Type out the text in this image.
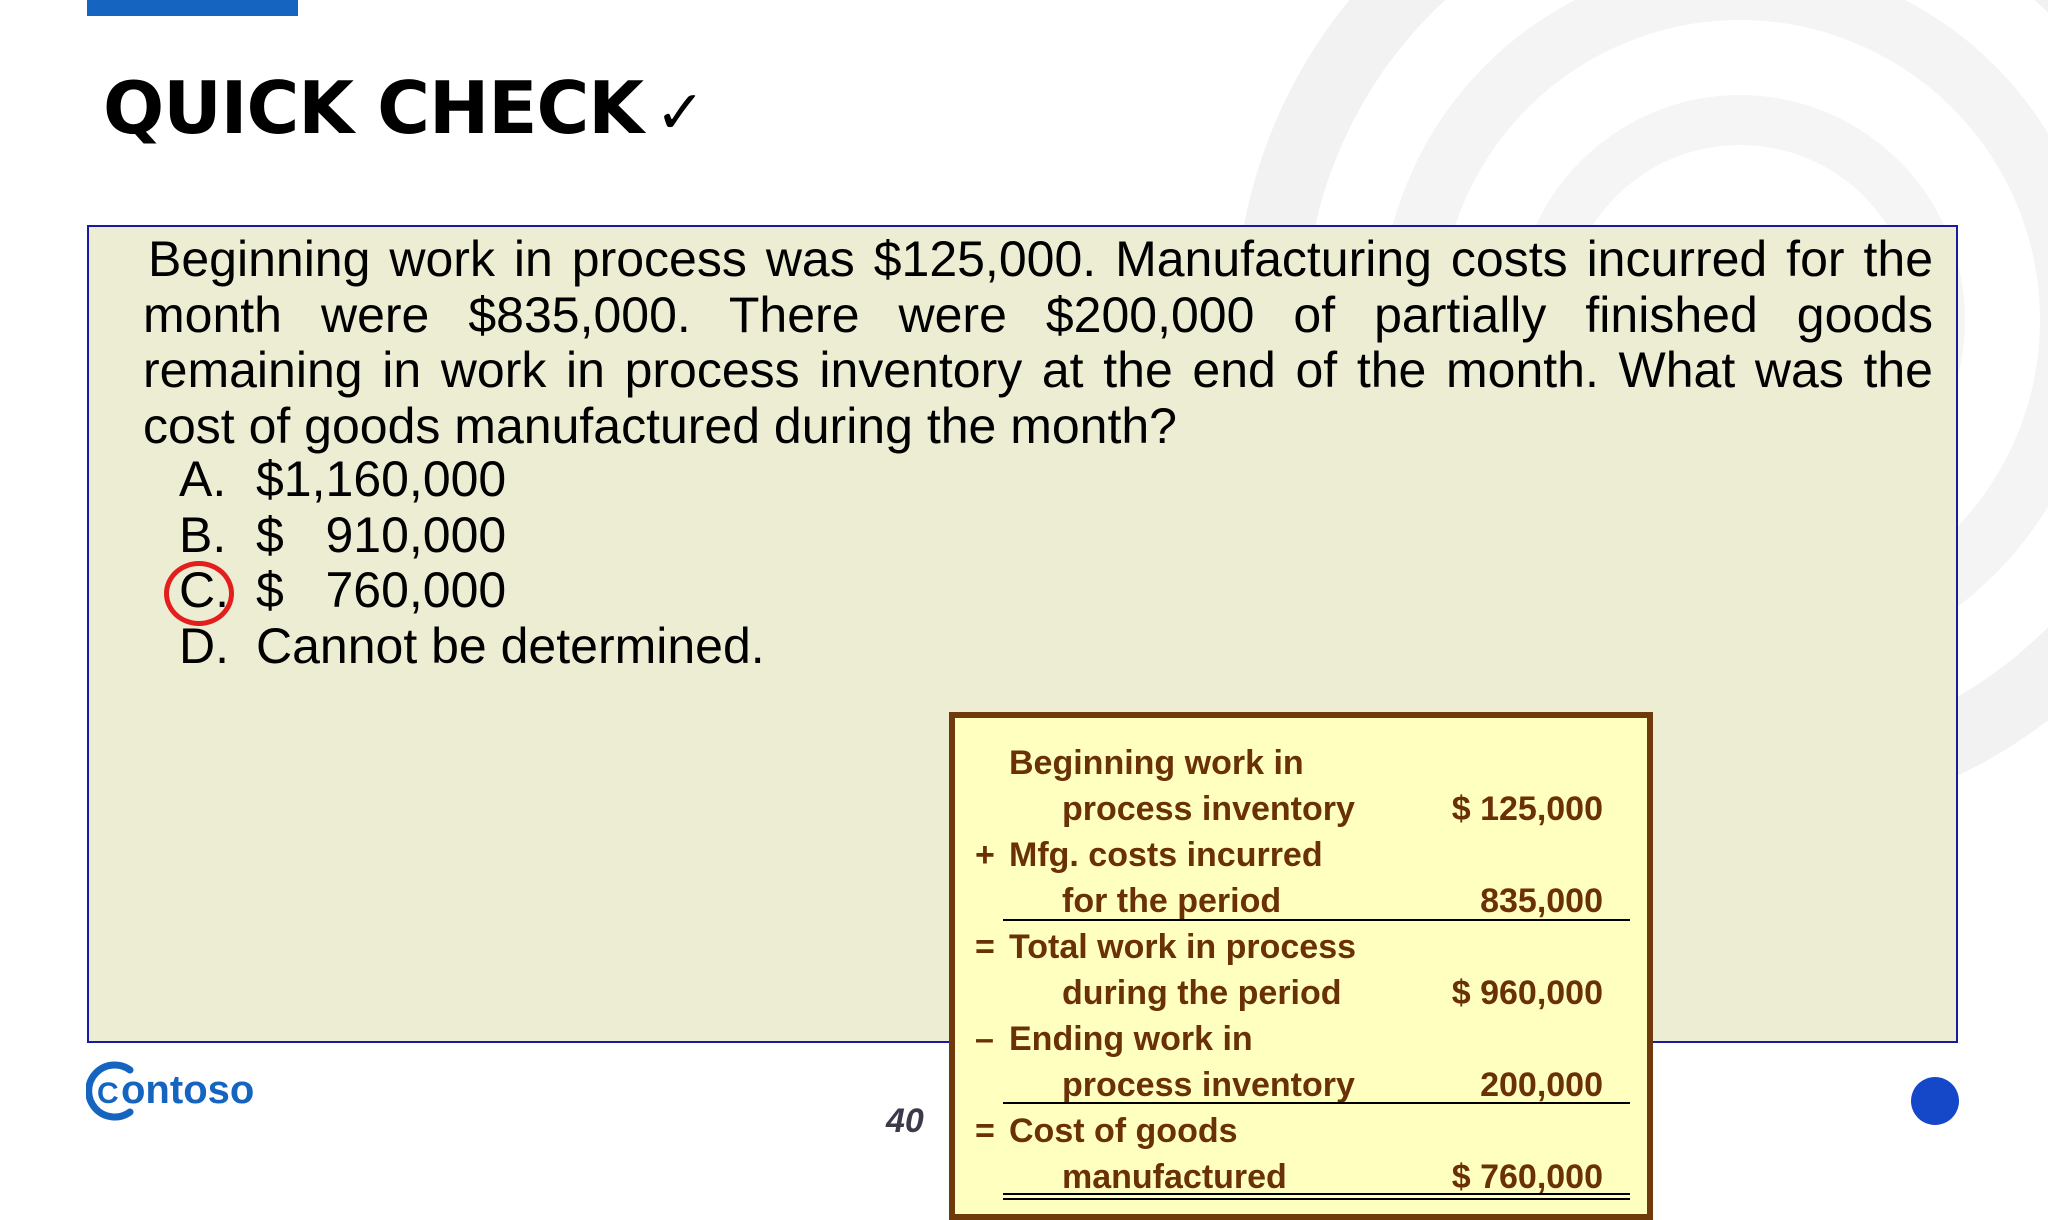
QUICK CHECK ✓
Beginning work in process was $125,000. Manufacturing costs incurred for the month were $835,000. There were $200,000 of partially finished goods remaining in work in process inventory at the end of the month. What was the cost of goods manufactured during the month?
A. $1,160,000
B. $   910,000
C. $   760,000
D. Cannot be determined.
Beginning work in
process inventory	$ 125,000
+ Mfg. costs incurred
for the period	835,000
= Total work in process
during the period	$ 960,000
– Ending work in
process inventory	200,000
= Cost of goods
manufactured	$ 760,000
C ontoso
40
